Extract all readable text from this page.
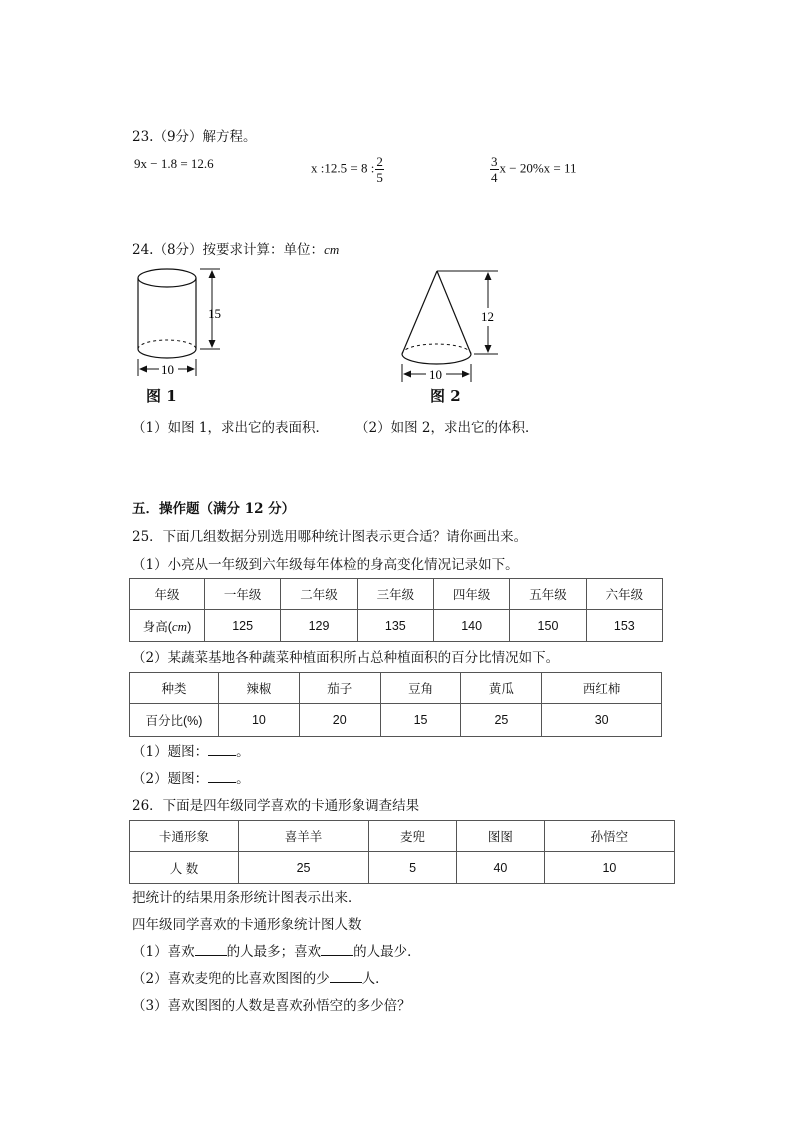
23.（9分）解方程。
9x − 1.8 = 12.6	x :12.5 = 8 : $\frac{2}{5}$	$\frac{3}{4}$ x − 20%x = 11
24.（8分）按要求计算：单位：cm
15
10
图 1
12
10
图 2
（1）如图 1，求出它的表面积． （2）如图 2，求出它的体积．
五．操作题（满分 12 分）
25．下面几组数据分别选用哪种统计图表示更合适？请你画出来。
（1）小亮从一年级到六年级每年体检的身高变化情况记录如下。
年级	一年级	二年级	三年级	四年级	五年级	六年级
身高(cm)	125	129	135	140	150	153
（2）某蔬菜基地各种蔬菜种植面积所占总种植面积的百分比情况如下。
种类	辣椒	茄子	豆角	黄瓜	西红柿
百分比(%)	10	20	15	25	30
（1）题图： 。
（2）题图： 。
26．下面是四年级同学喜欢的卡通形象调查结果
卡通形象	喜羊羊	麦兜	图图	孙悟空
人 数	25	5	40	10
把统计的结果用条形统计图表示出来．
四年级同学喜欢的卡通形象统计图人数
（1）喜欢 的人最多；喜欢 的人最少．
（2）喜欢麦兜的比喜欢图图的少 人．
（3）喜欢图图的人数是喜欢孙悟空的多少倍？
